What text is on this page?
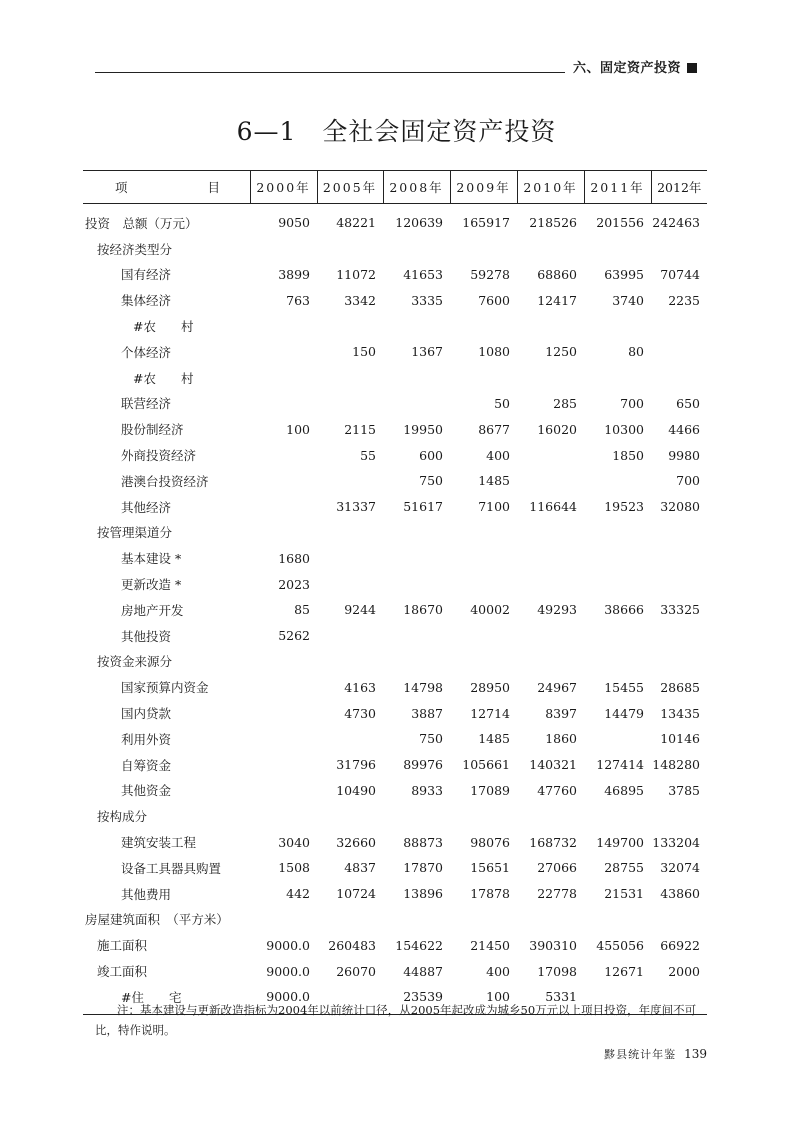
六、固定资产投资
6—1　全社会固定资产投资
项 目	2000年	2005年	2008年	2009年	2010年	2011年	2012年
投资　总额（万元）	9050	48221	120639	165917	218526	201556	242463
按经济类型分							
国有经济	3899	11072	41653	59278	68860	63995	70744
集体经济	763	3342	3335	7600	12417	3740	2235
#农　　村							
个体经济		150	1367	1080	1250	80	
#农　　村							
联营经济				50	285	700	650
股份制经济	100	2115	19950	8677	16020	10300	4466
外商投资经济		55	600	400		1850	9980
港澳台投资经济			750	1485			700
其他经济		31337	51617	7100	116644	19523	32080
按管理渠道分							
基本建设 *	1680						
更新改造 *	2023						
房地产开发	85	9244	18670	40002	49293	38666	33325
其他投资	5262						
按资金来源分							
国家预算内资金		4163	14798	28950	24967	15455	28685
国内贷款		4730	3887	12714	8397	14479	13435
利用外资			750	1485	1860		10146
自筹资金		31796	89976	105661	140321	127414	148280
其他资金		10490	8933	17089	47760	46895	3785
按构成分							
建筑安装工程	3040	32660	88873	98076	168732	149700	133204
设备工具器具购置	1508	4837	17870	15651	27066	28755	32074
其他费用	442	10724	13896	17878	22778	21531	43860
房屋建筑面积　（平方米）							
施工面积	9000.0	260483	154622	21450	390310	455056	66922
竣工面积	9000.0	26070	44887	400	17098	12671	2000
#住　　宅	9000.0		23539	100	5331		
注：基本建设与更新改造指标为2004年以前统计口径，从2005年起改成为城乡50万元以上项目投资，年度间不可比，特作说明。
黟县统计年鉴 139
